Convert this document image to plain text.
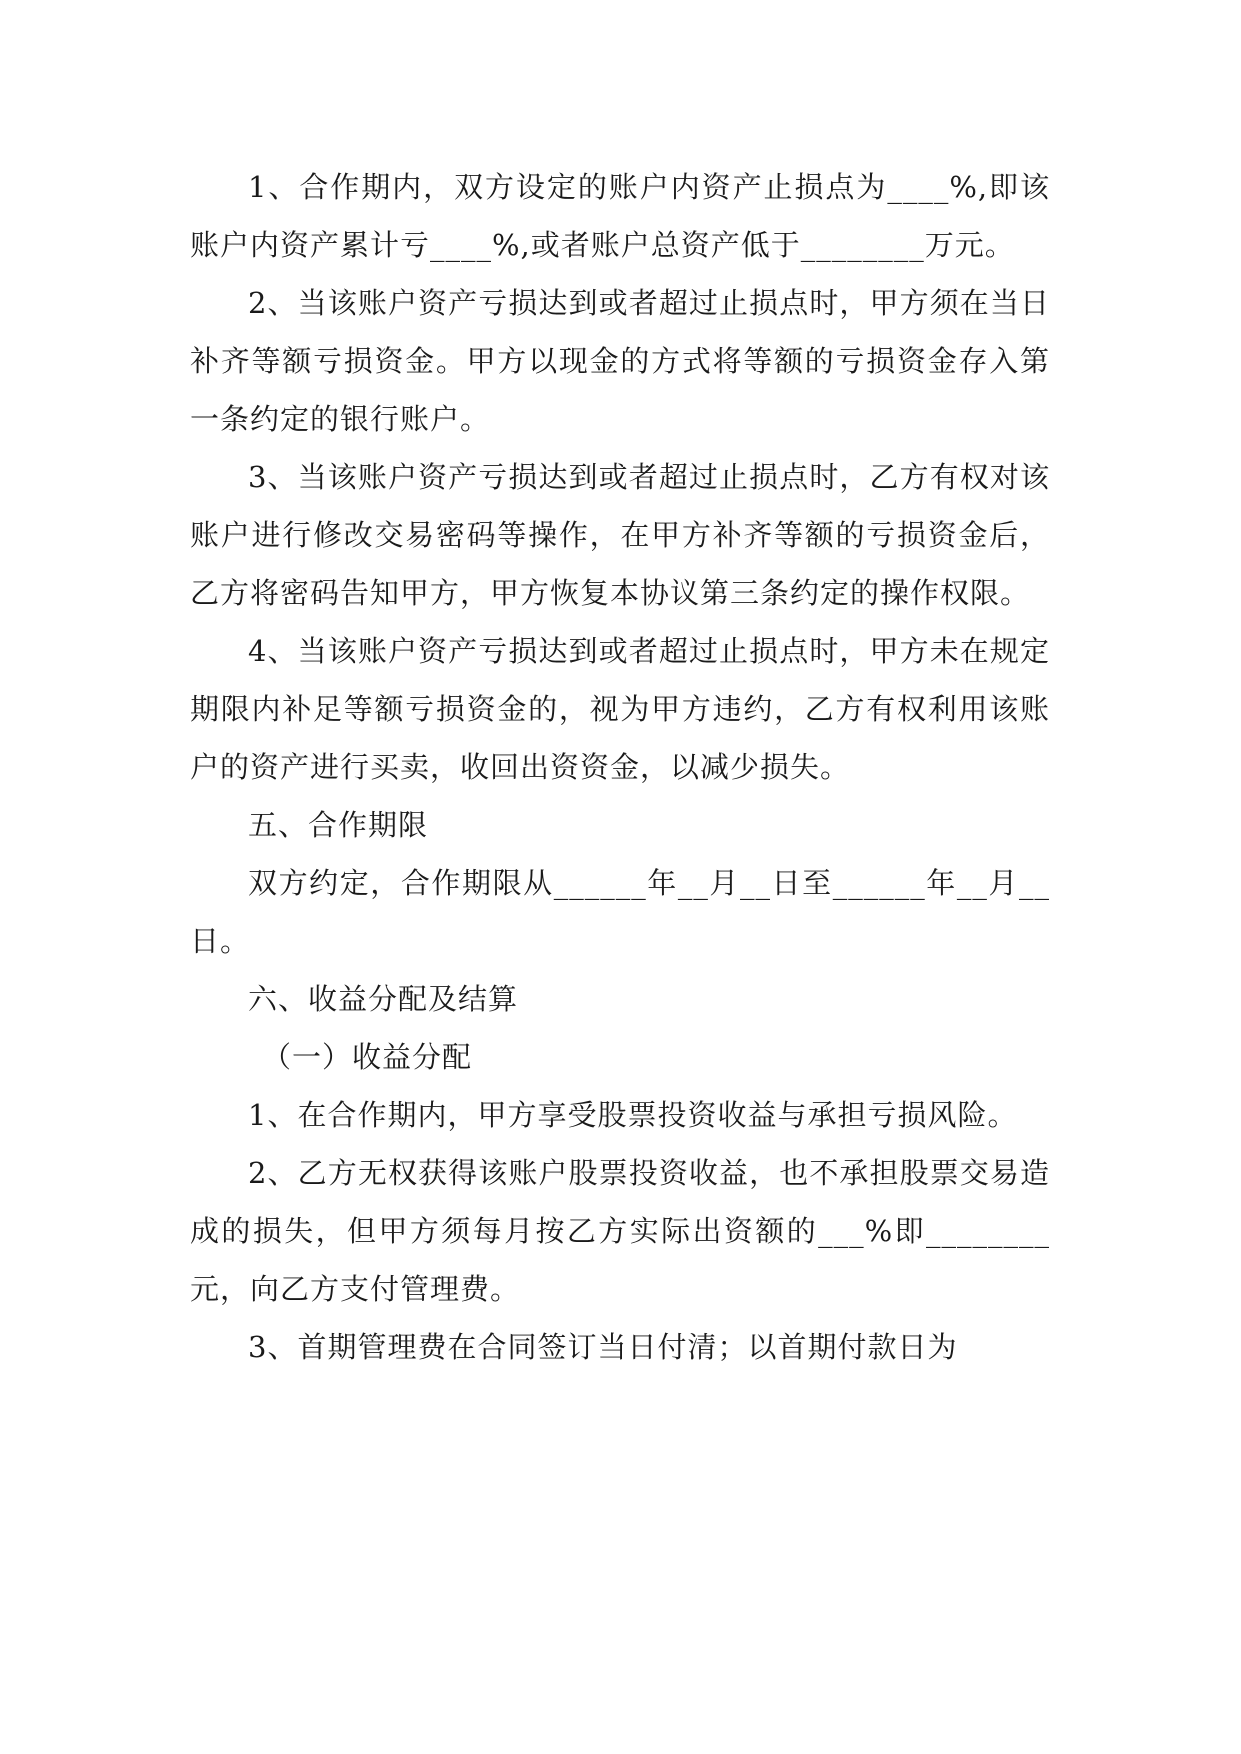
1、合作期内，双方设定的账户内资产止损点为____%,即该账户内资产累计亏____%,或者账户总资产低于________万元。

2、当该账户资产亏损达到或者超过止损点时，甲方须在当日补齐等额亏损资金。甲方以现金的方式将等额的亏损资金存入第一条约定的银行账户。

3、当该账户资产亏损达到或者超过止损点时，乙方有权对该账户进行修改交易密码等操作，在甲方补齐等额的亏损资金后，乙方将密码告知甲方，甲方恢复本协议第三条约定的操作权限。

4、当该账户资产亏损达到或者超过止损点时，甲方未在规定期限内补足等额亏损资金的，视为甲方违约，乙方有权利用该账户的资产进行买卖，收回出资资金，以减少损失。

五、合作期限

双方约定，合作期限从______年__月__日至______年__月__日。

六、收益分配及结算

（一）收益分配

1、在合作期内，甲方享受股票投资收益与承担亏损风险。

2、乙方无权获得该账户股票投资收益，也不承担股票交易造成的损失，但甲方须每月按乙方实际出资额的___%即________元，向乙方支付管理费。

3、首期管理费在合同签订当日付清；以首期付款日为
